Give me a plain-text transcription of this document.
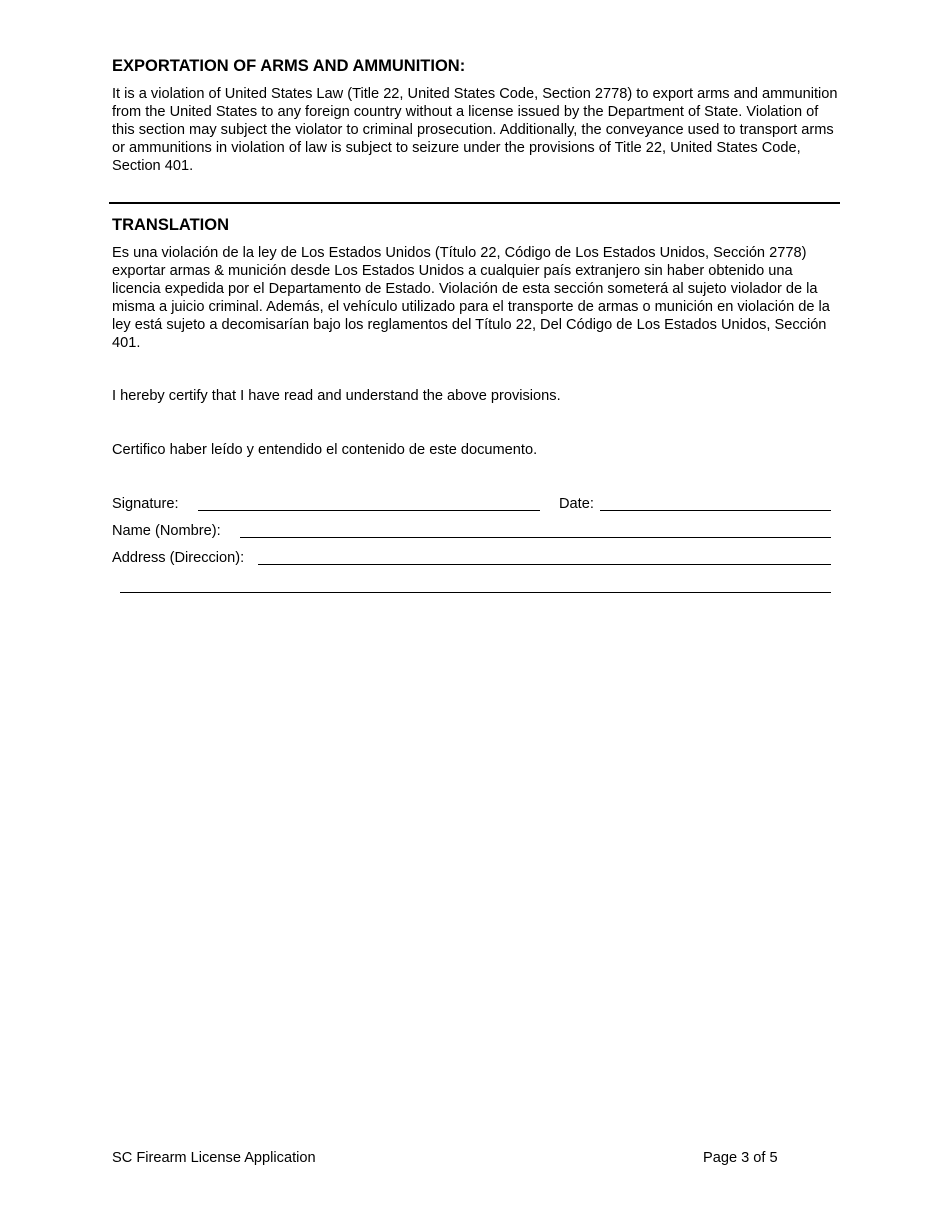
EXPORTATION OF ARMS AND AMMUNITION:

It is a violation of United States Law (Title 22, United States Code, Section 2778) to export arms and ammunition from the United States to any foreign country without a license issued by the Department of State. Violation of this section may subject the violator to criminal prosecution. Additionally, the conveyance used to transport arms or ammunitions in violation of law is subject to seizure under the provisions of Title 22, United States Code, Section 401.

TRANSLATION

Es una violación de la ley de Los Estados Unidos (Título 22, Código de Los Estados Unidos, Sección 2778) exportar armas & munición desde Los Estados Unidos a cualquier país extranjero sin haber obtenido una licencia expedida por el Departamento de Estado. Violación de esta sección someterá al sujeto violador de la misma a juicio criminal. Además, el vehículo utilizado para el transporte de armas o munición en violación de la ley está sujeto a decomisarían bajo los reglamentos del Título 22, Del Código de Los Estados Unidos, Sección 401.

I hereby certify that I have read and understand the above provisions.

Certifico haber leído y entendido el contenido de este documento.

Signature:	Date:
Name (Nombre):
Address (Direccion):
SC Firearm License Application	Page 3 of 5
